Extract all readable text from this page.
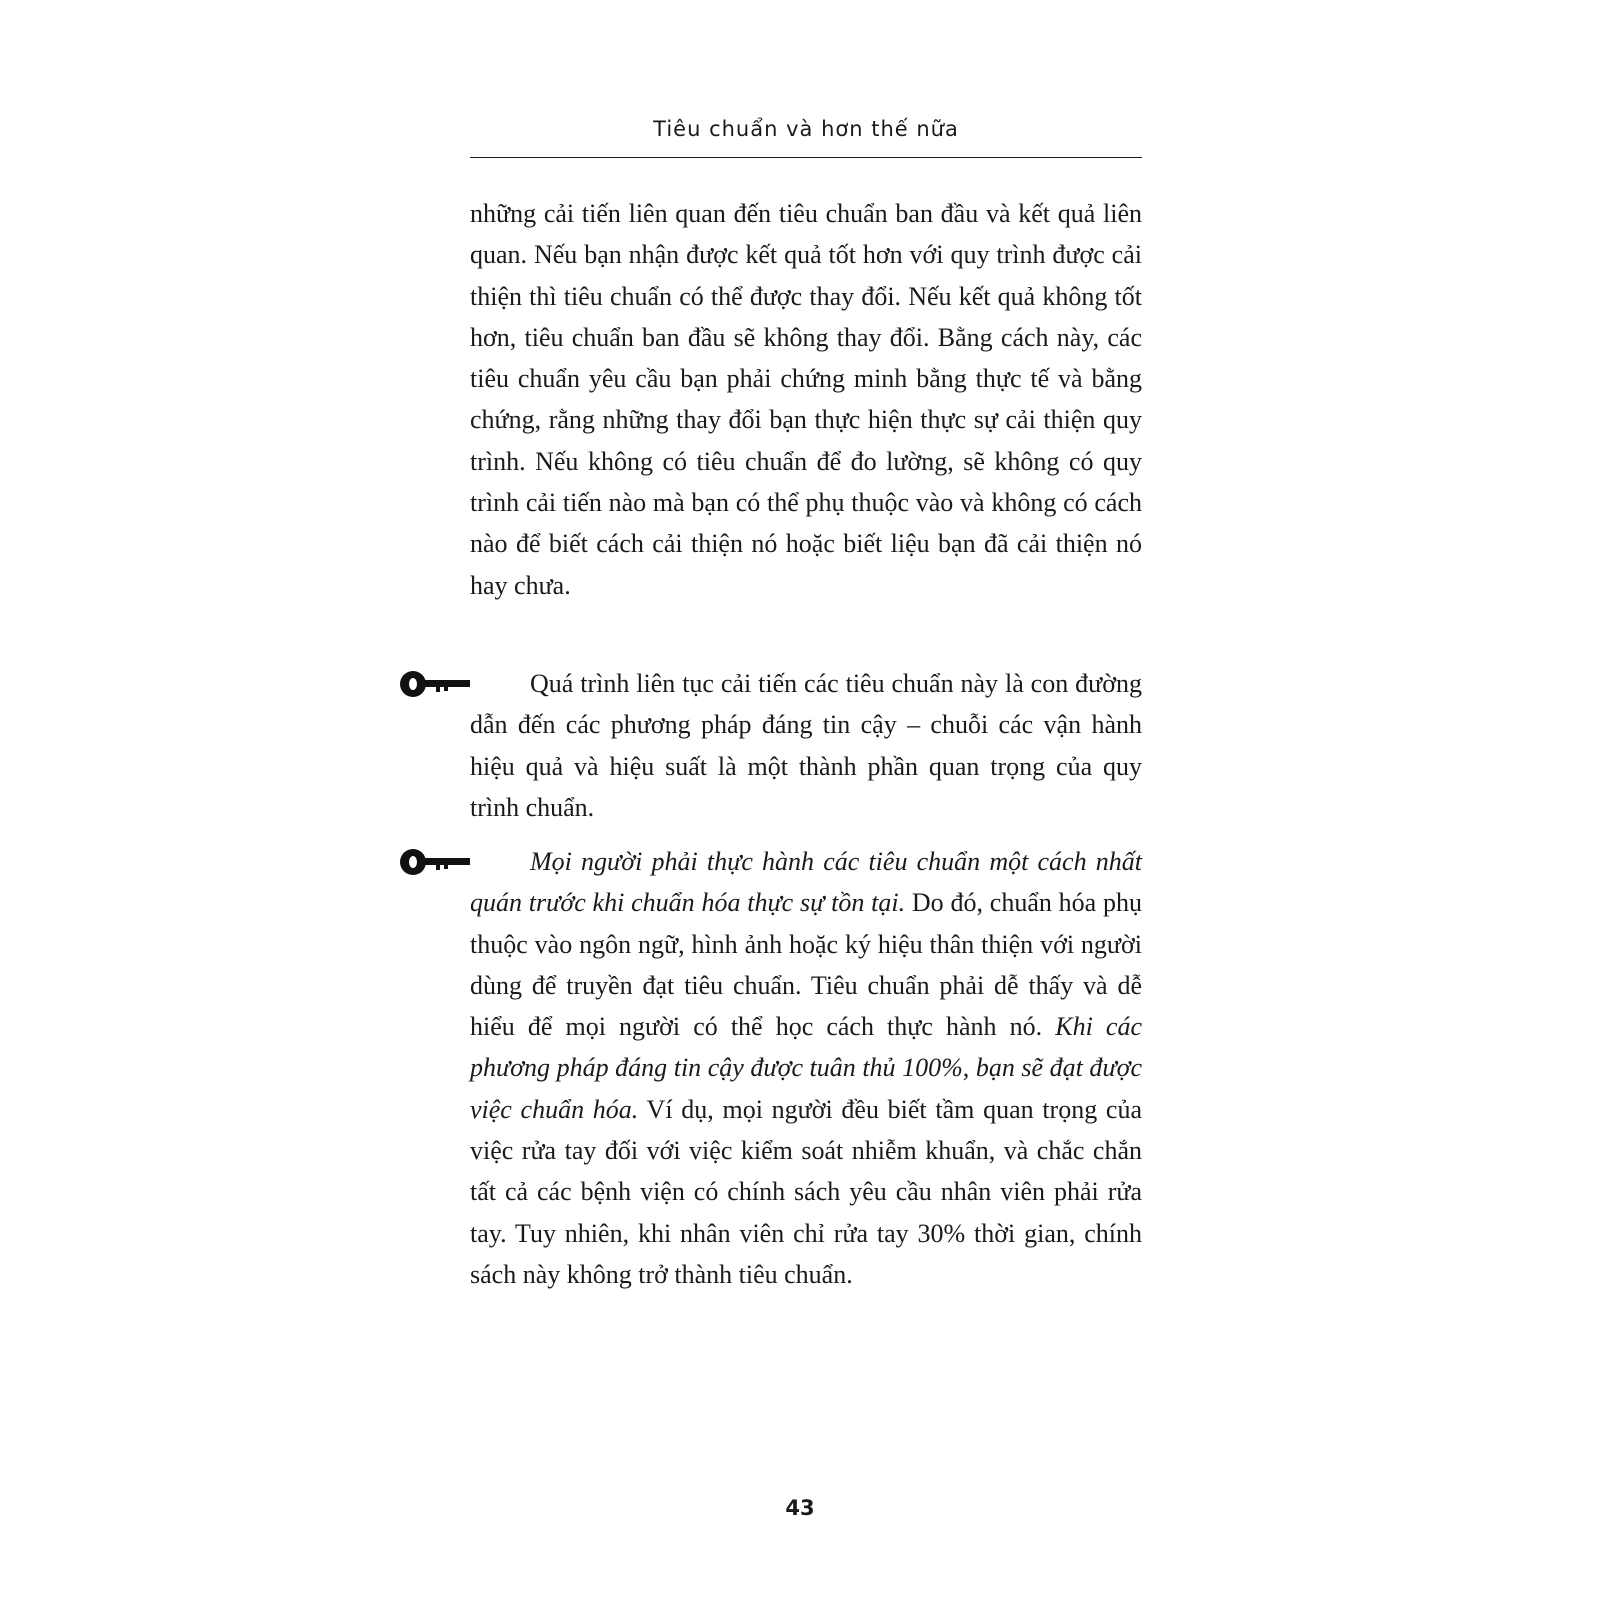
Tiêu chuẩn và hơn thế nữa

những cải tiến liên quan đến tiêu chuẩn ban đầu và kết quả liên quan. Nếu bạn nhận được kết quả tốt hơn với quy trình được cải thiện thì tiêu chuẩn có thể được thay đổi. Nếu kết quả không tốt hơn, tiêu chuẩn ban đầu sẽ không thay đổi. Bằng cách này, các tiêu chuẩn yêu cầu bạn phải chứng minh bằng thực tế và bằng chứng, rằng những thay đổi bạn thực hiện thực sự cải thiện quy trình. Nếu không có tiêu chuẩn để đo lường, sẽ không có quy trình cải tiến nào mà bạn có thể phụ thuộc vào và không có cách nào để biết cách cải thiện nó hoặc biết liệu bạn đã cải thiện nó hay chưa.

Quá trình liên tục cải tiến các tiêu chuẩn này là con đường dẫn đến các phương pháp đáng tin cậy – chuỗi các vận hành hiệu quả và hiệu suất là một thành phần quan trọng của quy trình chuẩn.

Mọi người phải thực hành các tiêu chuẩn một cách nhất quán trước khi chuẩn hóa thực sự tồn tại. Do đó, chuẩn hóa phụ thuộc vào ngôn ngữ, hình ảnh hoặc ký hiệu thân thiện với người dùng để truyền đạt tiêu chuẩn. Tiêu chuẩn phải dễ thấy và dễ hiểu để mọi người có thể học cách thực hành nó. Khi các phương pháp đáng tin cậy được tuân thủ 100%, bạn sẽ đạt được việc chuẩn hóa. Ví dụ, mọi người đều biết tầm quan trọng của việc rửa tay đối với việc kiểm soát nhiễm khuẩn, và chắc chắn tất cả các bệnh viện có chính sách yêu cầu nhân viên phải rửa tay. Tuy nhiên, khi nhân viên chỉ rửa tay 30% thời gian, chính sách này không trở thành tiêu chuẩn.

43
